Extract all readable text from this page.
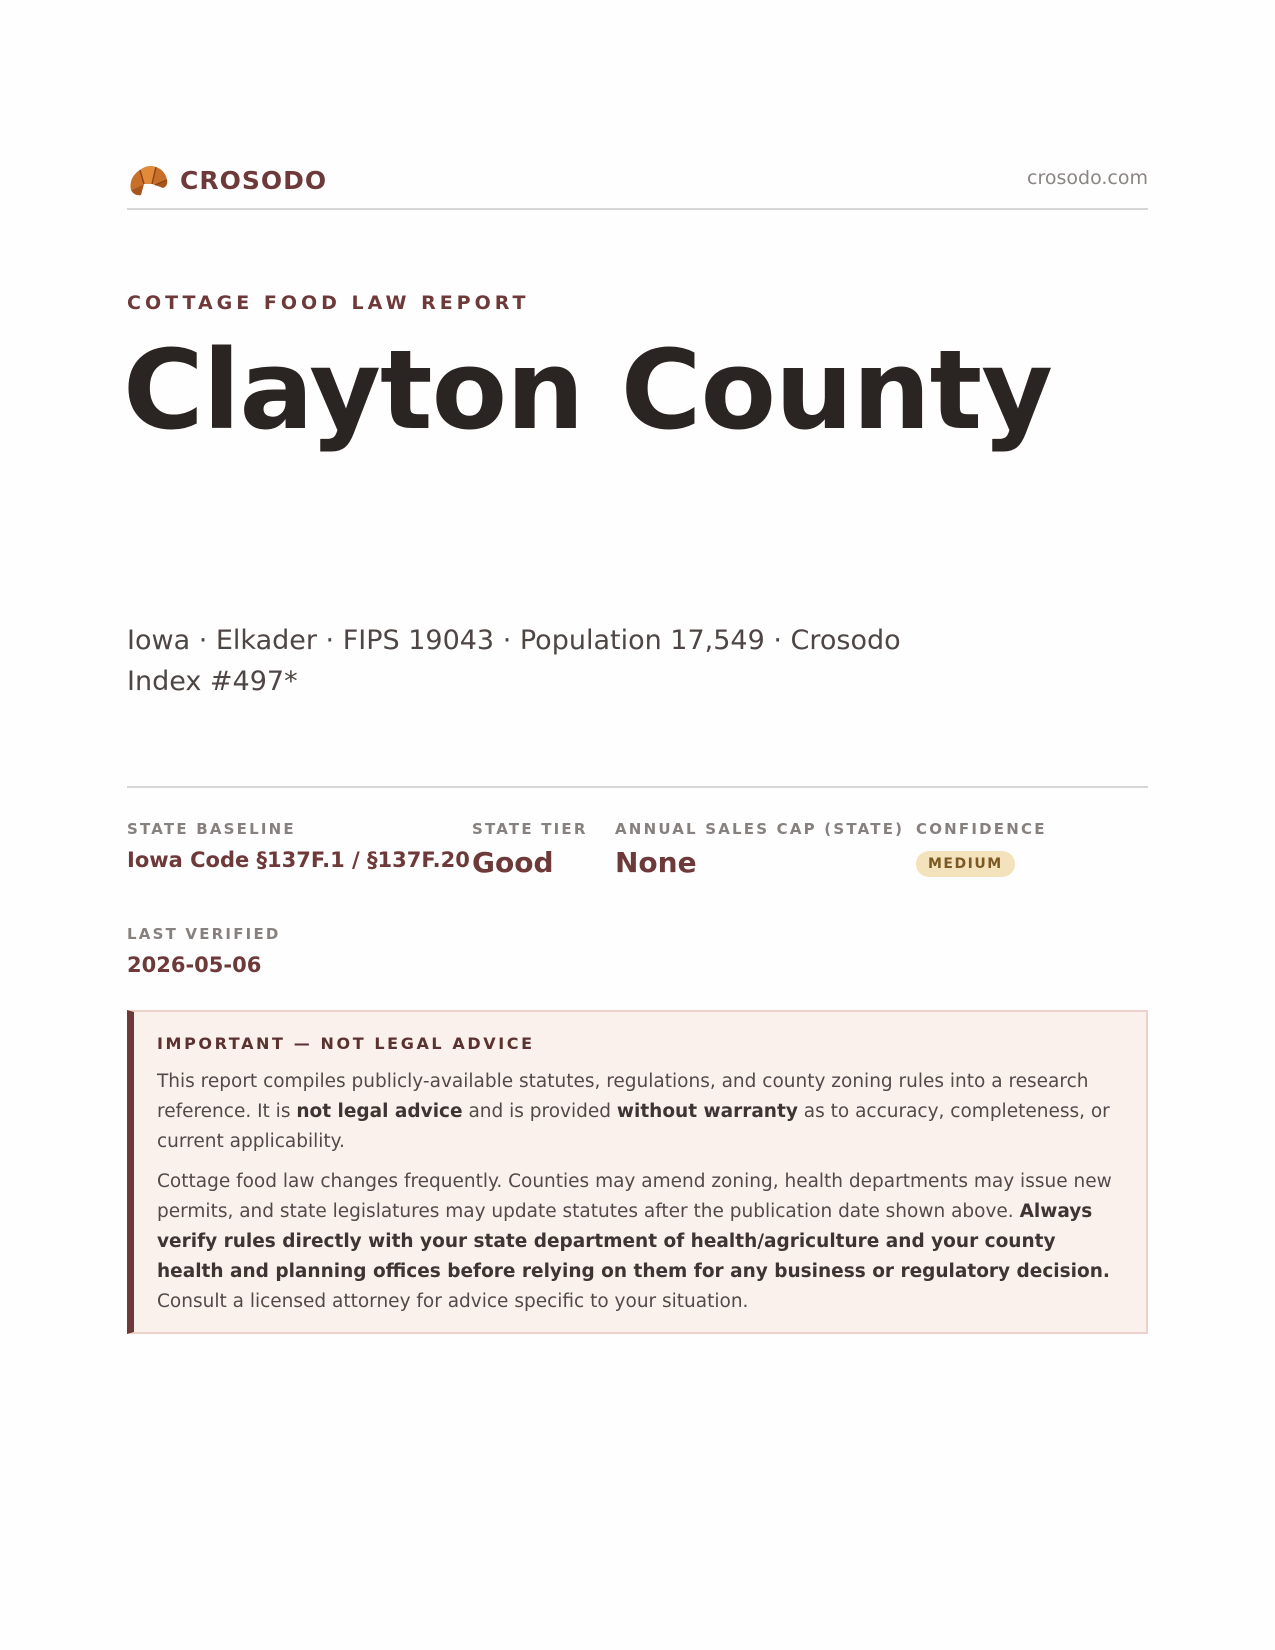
CROSODO	crosodo.com
COTTAGE FOOD LAW REPORT
Clayton County
Iowa · Elkader · FIPS 19043 · Population 17,549 · Crosodo Index #497*
STATE BASELINE
Iowa Code §137F.1 / §137F.20
STATE TIER
Good
ANNUAL SALES CAP (STATE)
None
CONFIDENCE
MEDIUM
LAST VERIFIED
2026-05-06
IMPORTANT — NOT LEGAL ADVICE

This report compiles publicly-available statutes, regulations, and county zoning rules into a research reference. It is not legal advice and is provided without warranty as to accuracy, completeness, or current applicability.

Cottage food law changes frequently. Counties may amend zoning, health departments may issue new permits, and state legislatures may update statutes after the publication date shown above. Always verify rules directly with your state department of health/agriculture and your county health and planning offices before relying on them for any business or regulatory decision. Consult a licensed attorney for advice specific to your situation.
